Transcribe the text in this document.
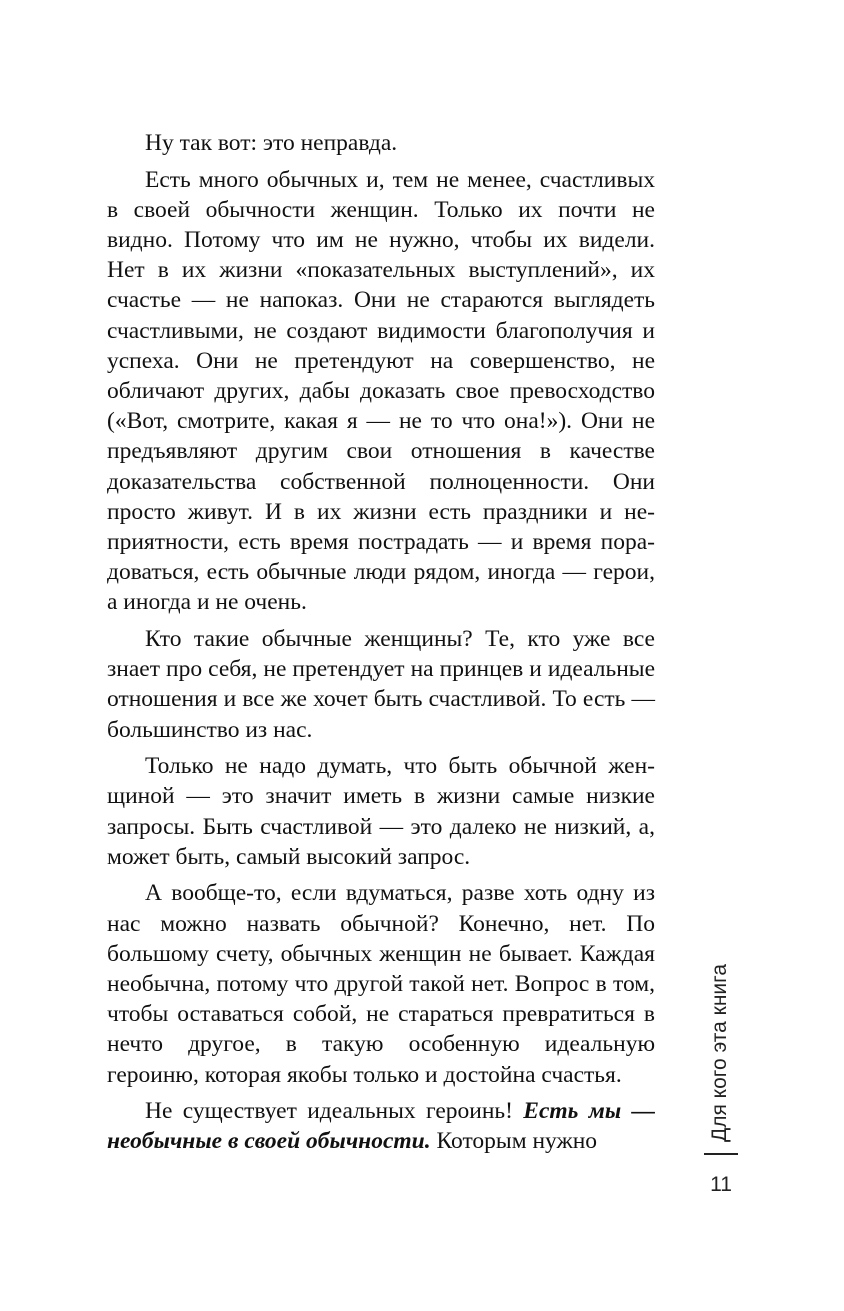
Ну так вот: это неправда.

Есть много обычных и, тем не менее, счастливых в своей обычности женщин. Только их почти не видно. Потому что им не нужно, чтобы их видели. Нет в их жизни «показательных выступлений», их счастье — не напоказ. Они не стараются выглядеть счастливыми, не создают видимости благополучия и успеха. Они не претендуют на совершенство, не обличают других, дабы доказать свое превосходство («Вот, смотрите, какая я — не то что она!»). Они не предъявляют другим свои отношения в качестве доказательства собственной полноценности. Они просто живут. И в их жизни есть праздники и неприятности, есть время пострадать — и время порадоваться, есть обычные люди рядом, иногда — герои, а иногда и не очень.

Кто такие обычные женщины? Те, кто уже все знает про себя, не претендует на принцев и идеальные отношения и все же хочет быть счастливой. То есть — большинство из нас.

Только не надо думать, что быть обычной женщиной — это значит иметь в жизни самые низкие запросы. Быть счастливой — это далеко не низкий, а, может быть, самый высокий запрос.

А вообще-то, если вдуматься, разве хоть одну из нас можно назвать обычной? Конечно, нет. По большому счету, обычных женщин не бывает. Каждая необычна, потому что другой такой нет. Вопрос в том, чтобы оставаться собой, не стараться превратиться в нечто другое, в такую особенную идеальную героиню, которая якобы только и достойна счастья.

Не существует идеальных героинь! Есть мы — необычные в своей обычности. Которым нужно	Для кого эта книга
11
